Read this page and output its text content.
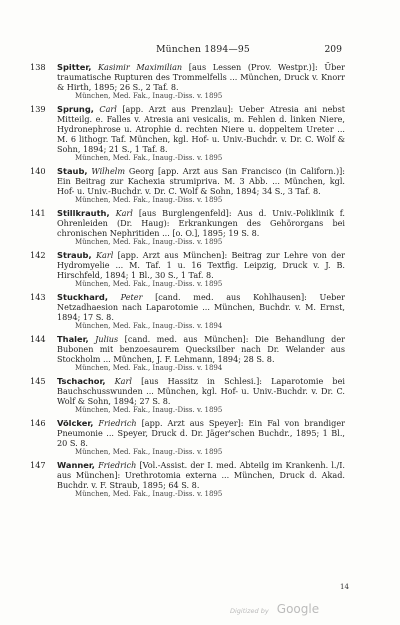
München 1894—95	209
138	Spitter, Kasimir Maximilian [aus Lessen (Prov. Westpr.)]: Über traumatische Rupturen des Trommelfells ... München, Druck v. Knorr & Hirth, 1895; 26 S., 2 Taf. 8.
München, Med. Fak., Inaug.-Diss. v. 1895
139	Sprung, Carl [app. Arzt aus Prenzlau]: Ueber Atresia ani nebst Mitteilg. e. Falles v. Atresia ani vesicalis, m. Fehlen d. linken Niere, Hydronephrose u. Atrophie d. rechten Niere u. doppeltem Ureter ... M. 6 lithogr. Taf. München, kgl. Hof- u. Univ.-Buchdr. v. Dr. C. Wolf & Sohn, 1894; 21 S., 1 Taf. 8.
München, Med. Fak., Inaug.-Diss. v. 1895
140	Staub, Wilhelm Georg [app. Arzt aus San Francisco (in Californ.)]: Ein Beitrag zur Kachexia strumipriva. M. 3 Abb. ... München, kgl. Hof- u. Univ.-Buchdr. v. Dr. C. Wolf & Sohn, 1894; 34 S., 3 Taf. 8.
München, Med. Fak., Inaug.-Diss. v. 1895
141	Stillkrauth, Karl [aus Burglengenfeld]: Aus d. Univ.-Poliklinik f. Ohrenleiden (Dr. Haug): Erkrankungen des Gehörorgans bei chronischen Nephritiden ... [o. O.], 1895; 19 S. 8.
München, Med. Fak., Inaug.-Diss. v. 1895
142	Straub, Karl [app. Arzt aus München]: Beitrag zur Lehre von der Hydromyelie ... M. Taf. 1 u. 16 Textfig. Leipzig, Druck v. J. B. Hirschfeld, 1894; 1 Bl., 30 S., 1 Taf. 8.
München, Med. Fak., Inaug.-Diss. v. 1895
143	Stuckhard, Peter [cand. med. aus Kohlhausen]: Ueber Netzadhaesion nach Laparotomie ... München, Buchdr. v. M. Ernst, 1894; 17 S. 8.
München, Med. Fak., Inaug.-Diss. v. 1894
144	Thaler, Julius [cand. med. aus München]: Die Behandlung der Bubonen mit benzoesaurem Quecksilber nach Dr. Welander aus Stockholm ... München, J. F. Lehmann, 1894; 28 S. 8.
München, Med. Fak., Inaug.-Diss. v. 1894
145	Tschachor, Karl [aus Hassitz in Schlesi.]: Laparotomie bei Bauchschusswunden ... München, kgl. Hof- u. Univ.-Buchdr. v. Dr. C. Wolf & Sohn, 1894; 27 S. 8.
München, Med. Fak., Inaug.-Diss. v. 1895
146	Völcker, Friedrich [app. Arzt aus Speyer]: Ein Fal von brandiger Pneumonie ... Speyer, Druck d. Dr. Jäger'schen Buchdr., 1895; 1 Bl., 20 S. 8.
München, Med. Fak., Inaug.-Diss. v. 1895
147	Wanner, Friedrich [Vol.-Assist. der I. med. Abteilg im Krankenh. l./I. aus München]: Urethrotomia externa ... München, Druck d. Akad. Buchdr. v. F. Straub, 1895; 64 S. 8.
München, Med. Fak., Inaug.-Diss. v. 1895
14
Digitized by Google
